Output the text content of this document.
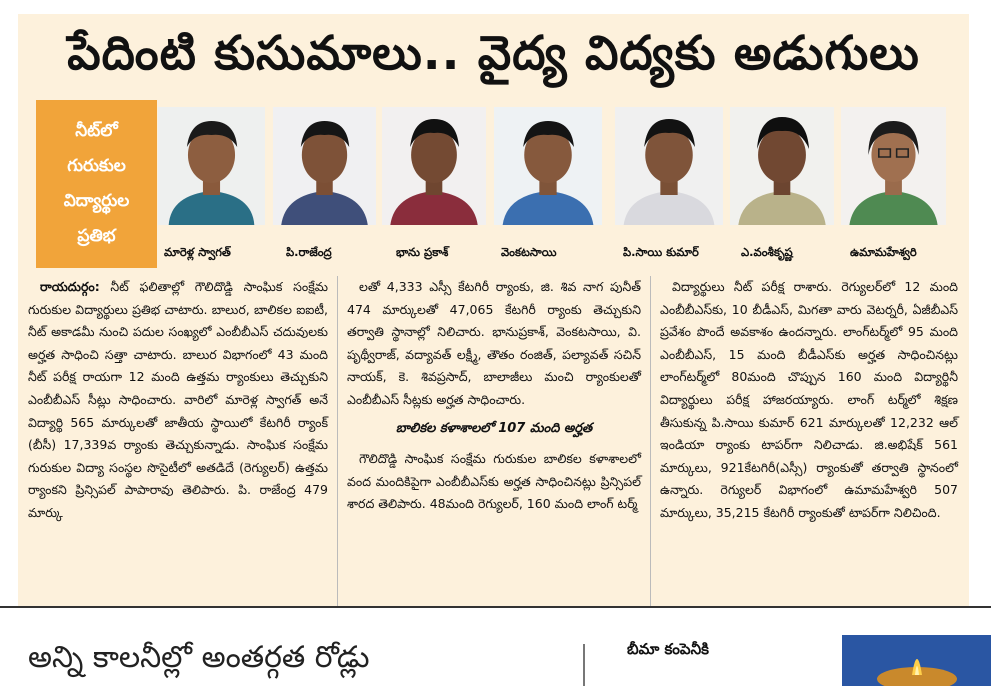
పేదింటి కుసుమాలు.. వైద్య విద్యకు అడుగులు
నీట్‌లో
గురుకుల
విద్యార్థుల
ప్రతిభ
మారెళ్ల స్వాగత్	పి.రాజేంద్ర	భాను ప్రకాశ్	వెంకటసాయి	పి.సాయి కుమార్	ఎ.వంశీకృష్ణ	ఉమామహేశ్వరి

రాయదుర్గం: నీట్ ఫలితాల్లో గౌలిదొడ్డి సాంఘిక సంక్షేమ గురుకుల విద్యార్థులు ప్రతిభ చాటారు. బాలుర, బాలికల ఐఐటీ, నీట్ అకాడమీ నుంచి పదుల సంఖ్యలో ఎంబీబీఎస్ చదువులకు అర్హత సాధించి సత్తా చాటారు. బాలుర విభాగంలో 43 మంది నీట్ పరీక్ష రాయగా 12 మంది ఉత్తమ ర్యాంకులు తెచ్చుకుని ఎంబీబీఎస్ సీట్లు సాధించారు. వారిలో మారెళ్ల స్వాగత్ అనే విద్యార్థి 565 మార్కులతో జాతీయ స్థాయిలో కేటగిరీ ర్యాంక్ (బీసీ) 17,339వ ర్యాంకు తెచ్చుకున్నాడు. సాంఘిక సంక్షేమ గురుకుల విద్యా సంస్థల సొసైటీలో అతడిదే (రెగ్యులర్) ఉత్తమ ర్యాంకని ప్రిన్సిపల్ పాపారావు తెలిపారు. పి. రాజేంద్ర 479 మార్కు

లతో 4,333 ఎస్సీ కేటగిరీ ర్యాంకు, జి. శివ నాగ పునీత్ 474 మార్కులతో 47,065 కేటగిరీ ర్యాంకు తెచ్చుకుని తర్వాతి స్థానాల్లో నిలిచారు. భానుప్రకాశ్, వెంకటసాయి, వి. పృథ్వీరాజ్, వద్యావత్ లక్ష్మీ, తౌతం రంజిత్, పల్యావత్ సచిన్ నాయక్, కె. శివప్రసాద్, బాలాజీలు మంచి ర్యాంకులతో ఎంబీబీఎస్ సీట్లకు అర్హత సాధించారు.

బాలికల కళాశాలలో 107 మంది అర్హత

గౌలిదొడ్డి సాంఘిక సంక్షేమ గురుకుల బాలికల కళాశాలలో వంద మందికిపైగా ఎంబీబీఎస్‌కు అర్హత సాధించినట్లు ప్రిన్సిపల్ శారద తెలిపారు. 48మంది రెగ్యులర్, 160 మంది లాంగ్ టర్మ్

విద్యార్థులు నీట్ పరీక్ష రాశారు. రెగ్యులర్‌లో 12 మంది ఎంబీబీఎస్‌కు, 10 బీడీఎస్, మిగతా వారు వెటర్నరీ, ఏజీబీఎస్ ప్రవేశం పొందే అవకాశం ఉందన్నారు. లాంగ్‌టర్మ్‌లో 95 మంది ఎంబీబీఎస్, 15 మంది బీడీఎస్‌కు అర్హత సాధించినట్లు లాంగ్‌టర్మ్‌లో 80మంది చొప్పున 160 మంది విద్యార్థినీ విద్యార్థులు పరీక్ష హాజరయ్యారు. లాంగ్ టర్మ్‌లో శిక్షణ తీసుకున్న పి.సాయి కుమార్ 621 మార్కులతో 12,232 ఆల్ ఇండియా ర్యాంకు టాపర్‌గా నిలిచాడు. జి.అభిషేక్ 561 మార్కులు, 921కేటగిరీ(ఎస్సీ) ర్యాంకుతో తర్వాతి స్థానంలో ఉన్నారు. రెగ్యులర్ విభాగంలో ఉమామహేశ్వరి 507 మార్కులు, 35,215 కేటగిరీ ర్యాంకుతో టాపర్‌గా నిలిచింది.

అన్ని కాలనీల్లో అంతర్గత రోడ్లు	బీమా కంపెనీకి
